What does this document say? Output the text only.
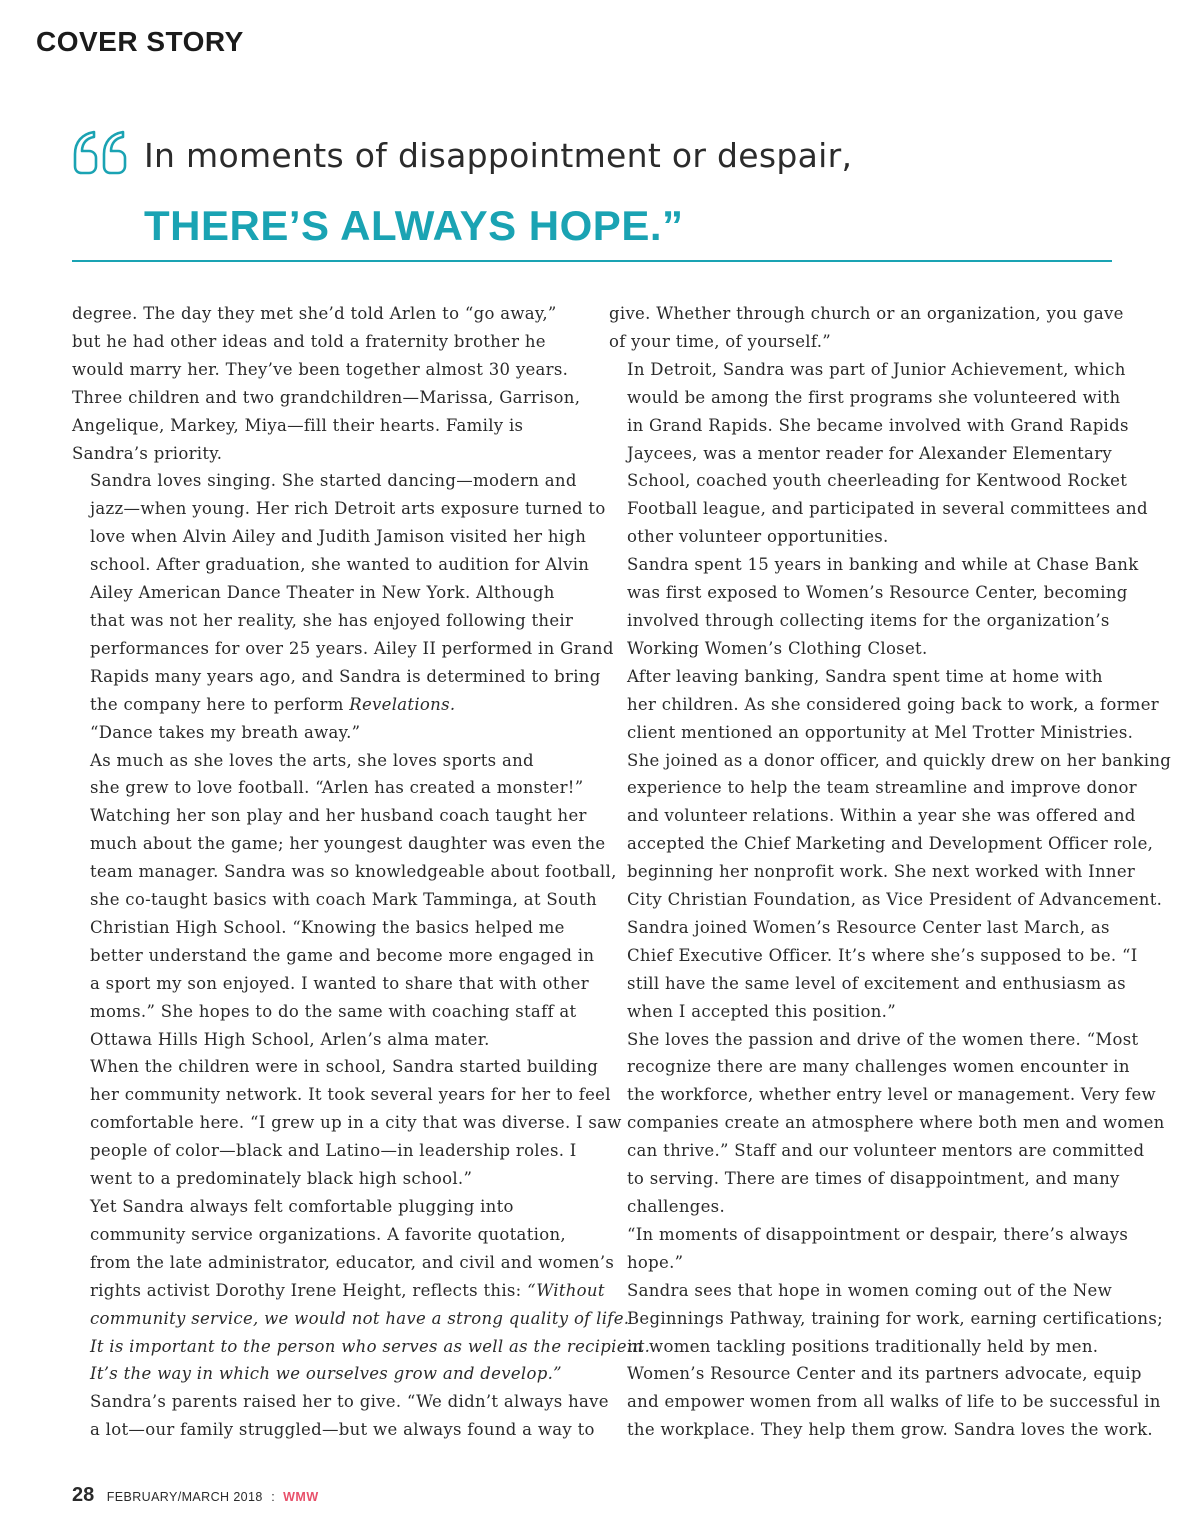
COVER STORY
In moments of disappointment or despair,
THERE’S ALWAYS HOPE.”

degree. The day they met she’d told Arlen to “go away,”
but he had other ideas and told a fraternity brother he
would marry her. They’ve been together almost 30 years.
Three children and two grandchildren—Marissa, Garrison,
Angelique, Markey, Miya—fill their hearts. Family is
Sandra’s priority.

Sandra loves singing. She started dancing—modern and
jazz—when young. Her rich Detroit arts exposure turned to
love when Alvin Ailey and Judith Jamison visited her high
school. After graduation, she wanted to audition for Alvin
Ailey American Dance Theater in New York. Although
that was not her reality, she has enjoyed following their
performances for over 25 years. Ailey II performed in Grand
Rapids many years ago, and Sandra is determined to bring
the company here to perform Revelations.

“Dance takes my breath away.”

As much as she loves the arts, she loves sports and
she grew to love football. “Arlen has created a monster!”
Watching her son play and her husband coach taught her
much about the game; her youngest daughter was even the
team manager. Sandra was so knowledgeable about football,
she co-taught basics with coach Mark Tamminga, at South
Christian High School. “Knowing the basics helped me
better understand the game and become more engaged in
a sport my son enjoyed. I wanted to share that with other
moms.” She hopes to do the same with coaching staff at
Ottawa Hills High School, Arlen’s alma mater.

When the children were in school, Sandra started building
her community network. It took several years for her to feel
comfortable here. “I grew up in a city that was diverse. I saw
people of color—black and Latino—in leadership roles. I
went to a predominately black high school.”

Yet Sandra always felt comfortable plugging into
community service organizations. A favorite quotation,
from the late administrator, educator, and civil and women’s
rights activist Dorothy Irene Height, reflects this: “Without
community service, we would not have a strong quality of life.
It is important to the person who serves as well as the recipient.
It’s the way in which we ourselves grow and develop.”

Sandra’s parents raised her to give. “We didn’t always have
a lot—our family struggled—but we always found a way to

give. Whether through church or an organization, you gave
of your time, of yourself.”

In Detroit, Sandra was part of Junior Achievement, which
would be among the first programs she volunteered with
in Grand Rapids. She became involved with Grand Rapids
Jaycees, was a mentor reader for Alexander Elementary
School, coached youth cheerleading for Kentwood Rocket
Football league, and participated in several committees and
other volunteer opportunities.

Sandra spent 15 years in banking and while at Chase Bank
was first exposed to Women’s Resource Center, becoming
involved through collecting items for the organization’s
Working Women’s Clothing Closet.

After leaving banking, Sandra spent time at home with
her children. As she considered going back to work, a former
client mentioned an opportunity at Mel Trotter Ministries.
She joined as a donor officer, and quickly drew on her banking
experience to help the team streamline and improve donor
and volunteer relations. Within a year she was offered and
accepted the Chief Marketing and Development Officer role,
beginning her nonprofit work. She next worked with Inner
City Christian Foundation, as Vice President of Advancement.

Sandra joined Women’s Resource Center last March, as
Chief Executive Officer. It’s where she’s supposed to be. “I
still have the same level of excitement and enthusiasm as
when I accepted this position.”

She loves the passion and drive of the women there. “Most
recognize there are many challenges women encounter in
the workforce, whether entry level or management. Very few
companies create an atmosphere where both men and women
can thrive.” Staff and our volunteer mentors are committed
to serving. There are times of disappointment, and many
challenges.

“In moments of disappointment or despair, there’s always
hope.”

Sandra sees that hope in women coming out of the New
Beginnings Pathway, training for work, earning certifications;
in women tackling positions traditionally held by men.

Women’s Resource Center and its partners advocate, equip
and empower women from all walks of life to be successful in
the workplace. They help them grow. Sandra loves the work.

28 FEBRUARY/MARCH 2018 : WMW
